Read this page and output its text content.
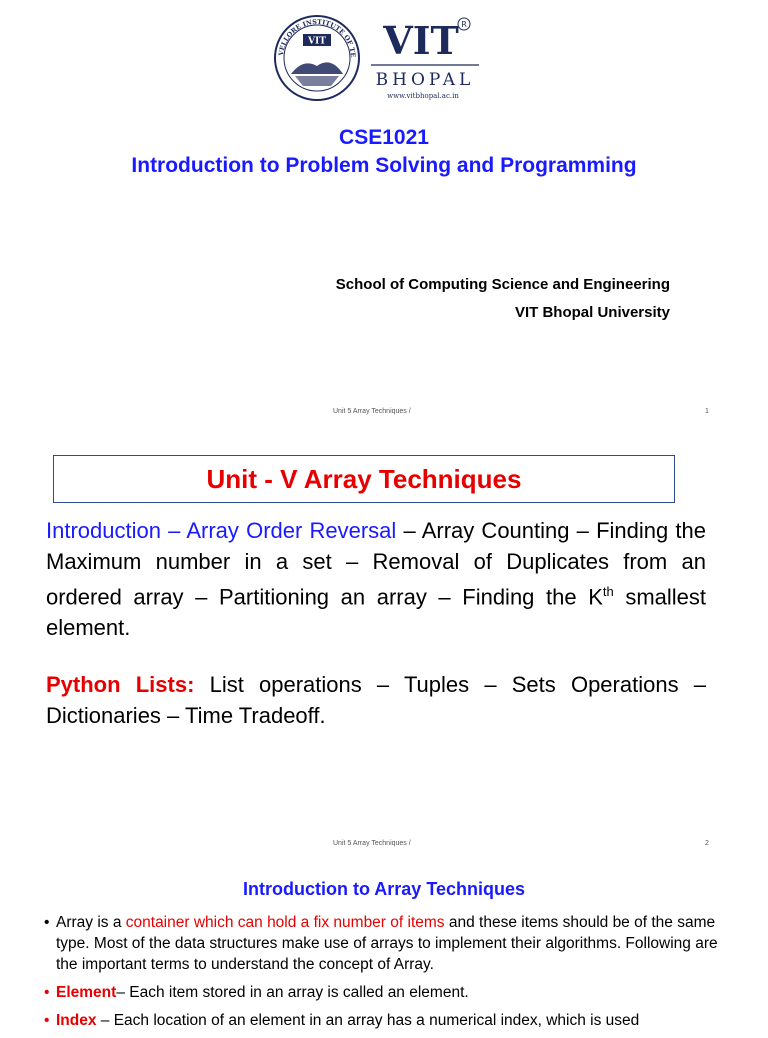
VELLORE INSTITUTE OF TE
VIT VIT R
BHOPAL
www.vitbhopal.ac.in
CSE1021
Introduction to Problem Solving and Programming
School of Computing Science and Engineering
VIT Bhopal University
Unit 5 Array Techniques /	1
Unit - V Array Techniques
Introduction – Array Order Reversal – Array Counting – Finding the Maximum number in a set – Removal of Duplicates from an ordered array – Partitioning an array – Finding the $K^{th}$ smallest element.
Python Lists: List operations – Tuples – Sets Operations – Dictionaries – Time Tradeoff.
Unit 5 Array Techniques /	2
Introduction to Array Techniques
• Array is a container which can hold a fix number of items and these items should be of the same type. Most of the data structures make use of arrays to implement their algorithms. Following are the important terms to understand the concept of Array.
• Element– Each item stored in an array is called an element.
• Index – Each location of an element in an array has a numerical index, which is used
